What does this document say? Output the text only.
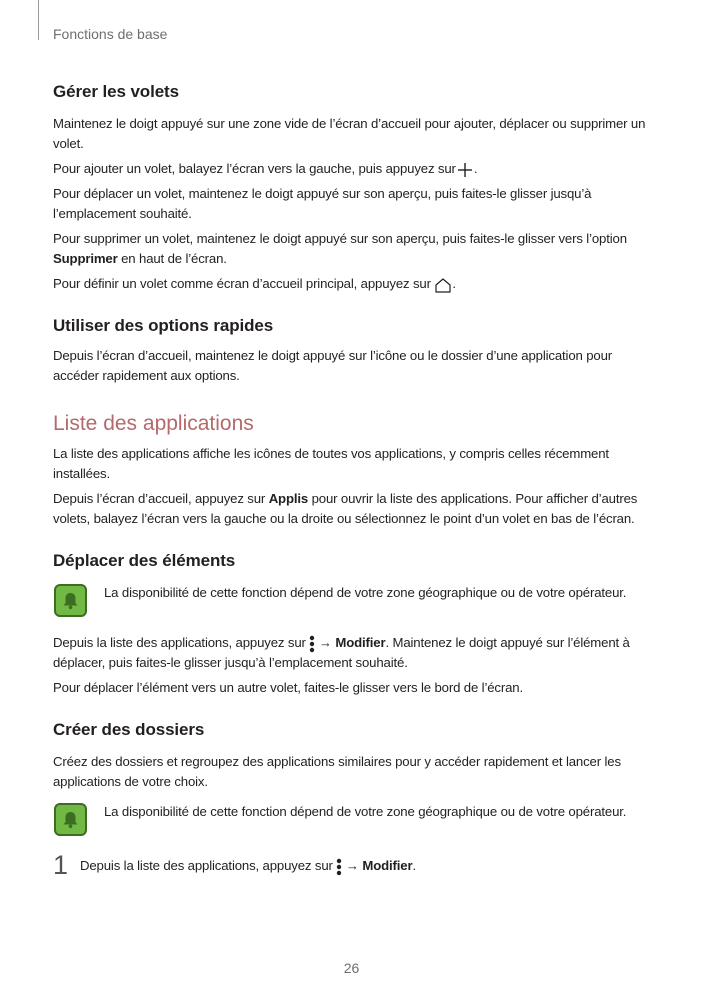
Fonctions de base
Gérer les volets

Maintenez le doigt appuyé sur une zone vide de l’écran d’accueil pour ajouter, déplacer ou supprimer un volet.

Pour ajouter un volet, balayez l’écran vers la gauche, puis appuyez sur .

Pour déplacer un volet, maintenez le doigt appuyé sur son aperçu, puis faites-le glisser jusqu’à l’emplacement souhaité.

Pour supprimer un volet, maintenez le doigt appuyé sur son aperçu, puis faites-le glisser vers l’option Supprimer en haut de l’écran.

Pour définir un volet comme écran d’accueil principal, appuyez sur .

Utiliser des options rapides

Depuis l’écran d’accueil, maintenez le doigt appuyé sur l’icône ou le dossier d’une application pour accéder rapidement aux options.

Liste des applications

La liste des applications affiche les icônes de toutes vos applications, y compris celles récemment installées.

Depuis l’écran d’accueil, appuyez sur Applis pour ouvrir la liste des applications. Pour afficher d’autres volets, balayez l’écran vers la gauche ou la droite ou sélectionnez le point d’un volet en bas de l’écran.

Déplacer des éléments

La disponibilité de cette fonction dépend de votre zone géographique ou de votre opérateur.

Depuis la liste des applications, appuyez sur  → Modifier. Maintenez le doigt appuyé sur l’élément à déplacer, puis faites-le glisser jusqu’à l’emplacement souhaité.

Pour déplacer l’élément vers un autre volet, faites-le glisser vers le bord de l’écran.

Créer des dossiers

Créez des dossiers et regroupez des applications similaires pour y accéder rapidement et lancer les applications de votre choix.

La disponibilité de cette fonction dépend de votre zone géographique ou de votre opérateur.

1 Depuis la liste des applications, appuyez sur  → Modifier.

26
